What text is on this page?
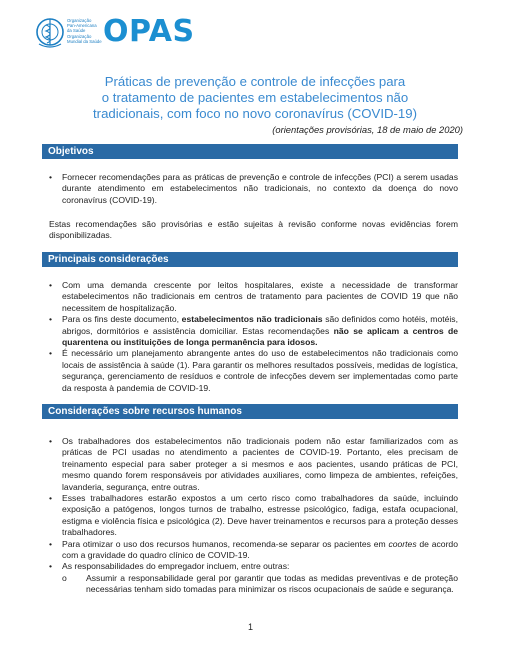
Organização
Pan-Americana
da Saúde
Organização
Mundial da Saúde OPAS
Práticas de prevenção e controle de infecções para
o tratamento de pacientes em estabelecimentos não
tradicionais, com foco no novo coronavírus (COVID-19)
(orientações provisórias, 18 de maio de 2020)
Objetivos
• Fornecer recomendações para as práticas de prevenção e controle de infecções (PCI) a serem usadas durante atendimento em estabelecimentos não tradicionais, no contexto da doença do novo coronavírus (COVID-19).
Estas recomendações são provisórias e estão sujeitas à revisão conforme novas evidências forem disponibilizadas.
Principais considerações
• Com uma demanda crescente por leitos hospitalares, existe a necessidade de transformar estabelecimentos não tradicionais em centros de tratamento para pacientes de COVID 19 que não necessitem de hospitalização.
• Para os fins deste documento, estabelecimentos não tradicionais são definidos como hotéis, motéis, abrigos, dormitórios e assistência domiciliar. Estas recomendações não se aplicam a centros de quarentena ou instituições de longa permanência para idosos.
• É necessário um planejamento abrangente antes do uso de estabelecimentos não tradicionais como locais de assistência à saúde (1). Para garantir os melhores resultados possíveis, medidas de logística, segurança, gerenciamento de resíduos e controle de infecções devem ser implementadas como parte da resposta à pandemia de COVID-19.
Considerações sobre recursos humanos
• Os trabalhadores dos estabelecimentos não tradicionais podem não estar familiarizados com as práticas de PCI usadas no atendimento a pacientes de COVID-19. Portanto, eles precisam de treinamento especial para saber proteger a si mesmos e aos pacientes, usando práticas de PCI, mesmo quando forem responsáveis por atividades auxiliares, como limpeza de ambientes, refeições, lavanderia, segurança, entre outras.
• Esses trabalhadores estarão expostos a um certo risco como trabalhadores da saúde, incluindo exposição a patógenos, longos turnos de trabalho, estresse psicológico, fadiga, estafa ocupacional, estigma e violência física e psicológica (2). Deve haver treinamentos e recursos para a proteção desses trabalhadores.
• Para otimizar o uso dos recursos humanos, recomenda-se separar os pacientes em coortes de acordo com a gravidade do quadro clínico de COVID-19.
• As responsabilidades do empregador incluem, entre outras:
o Assumir a responsabilidade geral por garantir que todas as medidas preventivas e de proteção necessárias tenham sido tomadas para minimizar os riscos ocupacionais de saúde e segurança.
1
